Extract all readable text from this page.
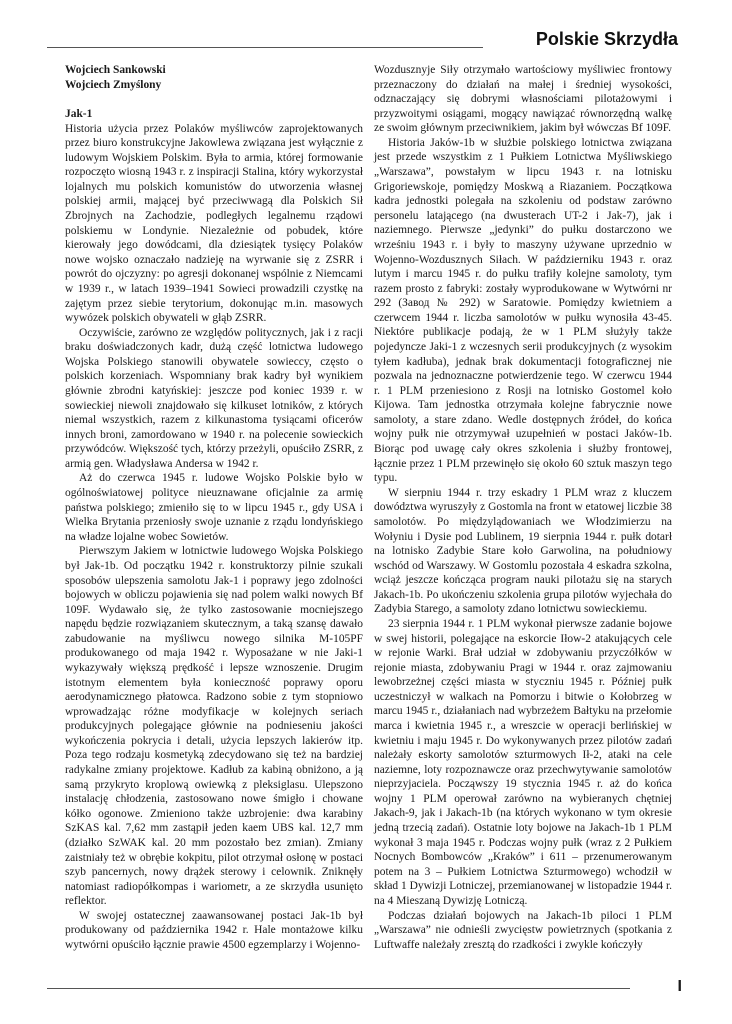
Polskie Skrzydła
Wojciech Sankowski
Wojciech Zmyślony
Jak-1

Historia użycia przez Polaków myśliwców zaprojektowanych przez biuro konstrukcyjne Jakowlewa związana jest wyłącznie z ludowym Wojskiem Polskim. Była to armia, której formowanie rozpoczęto wiosną 1943 r. z inspiracji Stalina, który wykorzystał lojalnych mu polskich komunistów do utworzenia własnej polskiej armii, mającej być przeciwwagą dla Polskich Sił Zbrojnych na Zachodzie, podległych legalnemu rządowi polskiemu w Londynie. Niezależnie od pobudek, które kierowały jego dowódcami, dla dziesiątek tysięcy Polaków nowe wojsko oznaczało nadzieję na wyrwanie się z ZSRR i powrót do ojczyzny: po agresji dokonanej wspólnie z Niemcami w 1939 r., w latach 1939–1941 Sowieci prowadzili czystkę na zajętym przez siebie terytorium, dokonując m.in. masowych wywózek polskich obywateli w głąb ZSRR.

Oczywiście, zarówno ze względów politycznych, jak i z racji braku doświadczonych kadr, dużą część lotnictwa ludowego Wojska Polskiego stanowili obywatele sowieccy, często o polskich korzeniach. Wspomniany brak kadry był wynikiem głównie zbrodni katyńskiej: jeszcze pod koniec 1939 r. w sowieckiej niewoli znajdowało się kilkuset lotników, z których niemal wszystkich, razem z kilkunastoma tysiącami oficerów innych broni, zamordowano w 1940 r. na polecenie sowieckich przywódców. Większość tych, którzy przeżyli, opuściło ZSRR, z armią gen. Władysława Andersa w 1942 r.

Aż do czerwca 1945 r. ludowe Wojsko Polskie było w ogólnoświatowej polityce nieuznawane oficjalnie za armię państwa polskiego; zmieniło się to w lipcu 1945 r., gdy USA i Wielka Brytania przeniosły swoje uznanie z rządu londyńskiego na władze lojalne wobec Sowietów.

Pierwszym Jakiem w lotnictwie ludowego Wojska Polskiego był Jak-1b. Od początku 1942 r. konstruktorzy pilnie szukali sposobów ulepszenia samolotu Jak-1 i poprawy jego zdolności bojowych w obliczu pojawienia się nad polem walki nowych Bf 109F. Wydawało się, że tylko zastosowanie mocniejszego napędu będzie rozwiązaniem skutecznym, a taką szansę dawało zabudowanie na myśliwcu nowego silnika M-105PF produkowanego od maja 1942 r. Wyposażane w nie Jaki-1 wykazywały większą prędkość i lepsze wznoszenie. Drugim istotnym elementem była konieczność poprawy oporu aerodynamicznego płatowca. Radzono sobie z tym stopniowo wprowadzając różne modyfikacje w kolejnych seriach produkcyjnych polegające głównie na podnieseniu jakości wykończenia pokrycia i detali, użycia lepszych lakierów itp. Poza tego rodzaju kosmetyką zdecydowano się też na bardziej radykalne zmiany projektowe. Kadłub za kabiną obniżono, a ją samą przykryto kroplową owiewką z pleksiglasu. Ulepszono instalację chłodzenia, zastosowano nowe śmigło i chowane kółko ogonowe. Zmieniono także uzbrojenie: dwa karabiny SzKAS kal. 7,62 mm zastąpił jeden kaem UBS kal. 12,7 mm (działko SzWAK kal. 20 mm pozostało bez zmian). Zmiany zaistniały też w obrębie kokpitu, pilot otrzymał osłonę w postaci szyb pancernych, nowy drążek sterowy i celownik. Zniknęły natomiast radiopółkompas i wariometr, a ze skrzydła usunięto reflektor.

W swojej ostatecznej zaawansowanej postaci Jak-1b był produkowany od października 1942 r. Hale montażowe kilku wytwórni opuściło łącznie prawie 4500 egzemplarzy i Wojenno-

Wozdusznyje Siły otrzymało wartościowy myśliwiec frontowy przeznaczony do działań na małej i średniej wysokości, odznaczający się dobrymi własnościami pilotażowymi i przyzwoitymi osiągami, mogący nawiązać równorzędną walkę ze swoim głównym przeciwnikiem, jakim był wówczas Bf 109F.

Historia Jaków-1b w służbie polskiego lotnictwa związana jest przede wszystkim z 1 Pułkiem Lotnictwa Myśliwskiego „Warszawa”, powstałym w lipcu 1943 r. na lotnisku Grigoriewskoje, pomiędzy Moskwą a Riazaniem. Początkowa kadra jednostki polegała na szkoleniu od podstaw zarówno personelu latającego (na dwusterach UT-2 i Jak-7), jak i naziemnego. Pierwsze „jedynki” do pułku dostarczono we wrześniu 1943 r. i były to maszyny używane uprzednio w Wojenno-Wozdusznych Siłach. W październiku 1943 r. oraz lutym i marcu 1945 r. do pułku trafiły kolejne samoloty, tym razem prosto z fabryki: zostały wyprodukowane w Wytwórni nr 292 (Завод № 292) w Saratowie. Pomiędzy kwietniem a czerwcem 1944 r. liczba samolotów w pułku wynosiła 43-45. Niektóre publikacje podają, że w 1 PLM służyły także pojedyncze Jaki-1 z wczesnych serii produkcyjnych (z wysokim tyłem kadłuba), jednak brak dokumentacji fotograficznej nie pozwala na jednoznaczne potwierdzenie tego. W czerwcu 1944 r. 1 PLM przeniesiono z Rosji na lotnisko Gostomel koło Kijowa. Tam jednostka otrzymała kolejne fabrycznie nowe samoloty, a stare zdano. Wedle dostępnych źródeł, do końca wojny pułk nie otrzymywał uzupełnień w postaci Jaków-1b. Biorąc pod uwagę cały okres szkolenia i służby frontowej, łącznie przez 1 PLM przewinęło się około 60 sztuk maszyn tego typu.

W sierpniu 1944 r. trzy eskadry 1 PLM wraz z kluczem dowództwa wyruszyły z Gostomla na front w etatowej liczbie 38 samolotów. Po międzylądowaniach we Włodzimierzu na Wołyniu i Dysie pod Lublinem, 19 sierpnia 1944 r. pułk dotarł na lotnisko Zadybie Stare koło Garwolina, na południowy wschód od Warszawy. W Gostomlu pozostała 4 eskadra szkolna, wciąż jeszcze kończąca program nauki pilotażu się na starych Jakach-1b. Po ukończeniu szkolenia grupa pilotów wyjechała do Zadybia Starego, a samoloty zdano lotnictwu sowieckiemu.

23 sierpnia 1944 r. 1 PLM wykonał pierwsze zadanie bojowe w swej historii, polegające na eskorcie Iłow-2 atakujących cele w rejonie Warki. Brał udział w zdobywaniu przyczółków w rejonie miasta, zdobywaniu Pragi w 1944 r. oraz zajmowaniu lewobrzeżnej części miasta w styczniu 1945 r. Później pułk uczestniczył w walkach na Pomorzu i bitwie o Kołobrzeg w marcu 1945 r., działaniach nad wybrzeżem Bałtyku na przełomie marca i kwietnia 1945 r., a wreszcie w operacji berlińskiej w kwietniu i maju 1945 r. Do wykonywanych przez pilotów zadań należały eskorty samolotów szturmowych Ił-2, ataki na cele naziemne, loty rozpoznawcze oraz przechwytywanie samolotów nieprzyjaciela. Począwszy 19 stycznia 1945 r. aż do końca wojny 1 PLM operował zarówno na wybieranych chętniej Jakach-9, jak i Jakach-1b (na których wykonano w tym okresie jedną trzecią zadań). Ostatnie loty bojowe na Jakach-1b 1 PLM wykonał 3 maja 1945 r. Podczas wojny pułk (wraz z 2 Pułkiem Nocnych Bombowców „Kraków” i 611 – przenumerowanym potem na 3 – Pułkiem Lotnictwa Szturmowego) wchodził w skład 1 Dywizji Lotniczej, przemianowanej w listopadzie 1944 r. na 4 Mieszaną Dywizję Lotniczą.

Podczas działań bojowych na Jakach-1b piloci 1 PLM „Warszawa” nie odnieśli zwycięstw powietrznych (spotkania z Luftwaffe należały zresztą do rzadkości i zwykle kończyły

I
